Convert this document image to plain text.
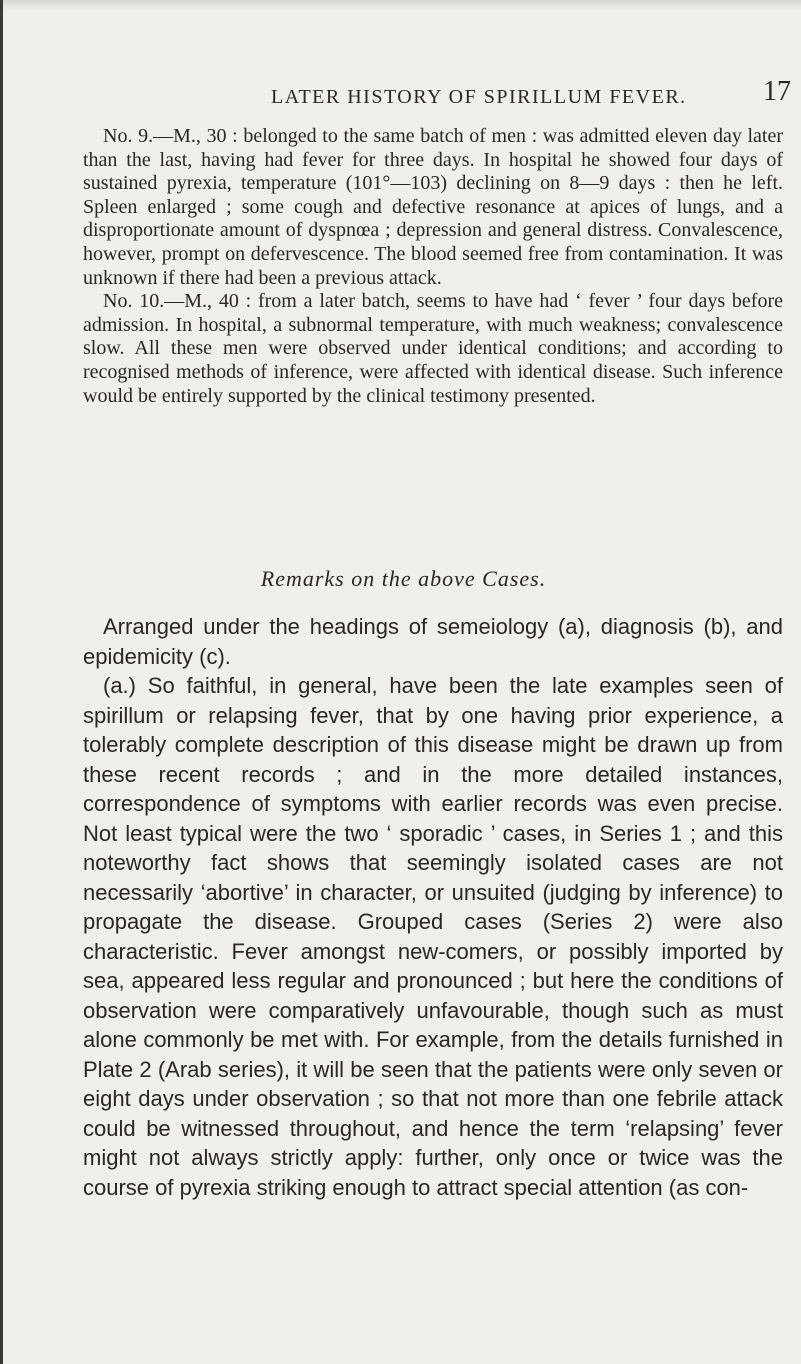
LATER HISTORY OF SPIRILLUM FEVER.	17

No. 9.—M., 30 : belonged to the same batch of men : was admitted eleven day later than the last, having had fever for three days. In hospital he showed four days of sustained pyrexia, temperature (101°—103) declining on 8—9 days : then he left. Spleen enlarged ; some cough and defective resonance at apices of lungs, and a disproportionate amount of dyspnœa ; depression and general distress. Convalescence, however, prompt on defervescence. The blood seemed free from contamination. It was unknown if there had been a previous attack.

No. 10.—M., 40 : from a later batch, seems to have had ‘ fever ’ four days before admission. In hospital, a subnormal temperature, with much weakness; convalescence slow. All these men were observed under identical conditions; and according to recognised methods of inference, were affected with identical disease. Such inference would be entirely supported by the clinical testimony presented.

Remarks on the above Cases.

Arranged under the headings of semeiology (a), diagnosis (b), and epidemicity (c).

(a.) So faithful, in general, have been the late examples seen of spirillum or relapsing fever, that by one having prior experience, a tolerably complete description of this disease might be drawn up from these recent records ; and in the more detailed instances, correspondence of symptoms with earlier records was even precise. Not least typical were the two ‘ sporadic ’ cases, in Series 1 ; and this noteworthy fact shows that seemingly isolated cases are not necessarily ‘abortive’ in character, or unsuited (judging by inference) to propagate the disease. Grouped cases (Series 2) were also characteristic. Fever amongst new-comers, or possibly imported by sea, appeared less regular and pronounced ; but here the conditions of observation were comparatively unfavourable, though such as must alone commonly be met with. For example, from the details furnished in Plate 2 (Arab series), it will be seen that the patients were only seven or eight days under observation ; so that not more than one febrile attack could be witnessed throughout, and hence the term ‘relapsing’ fever might not always strictly apply: further, only once or twice was the course of pyrexia striking enough to attract special attention (as con-
